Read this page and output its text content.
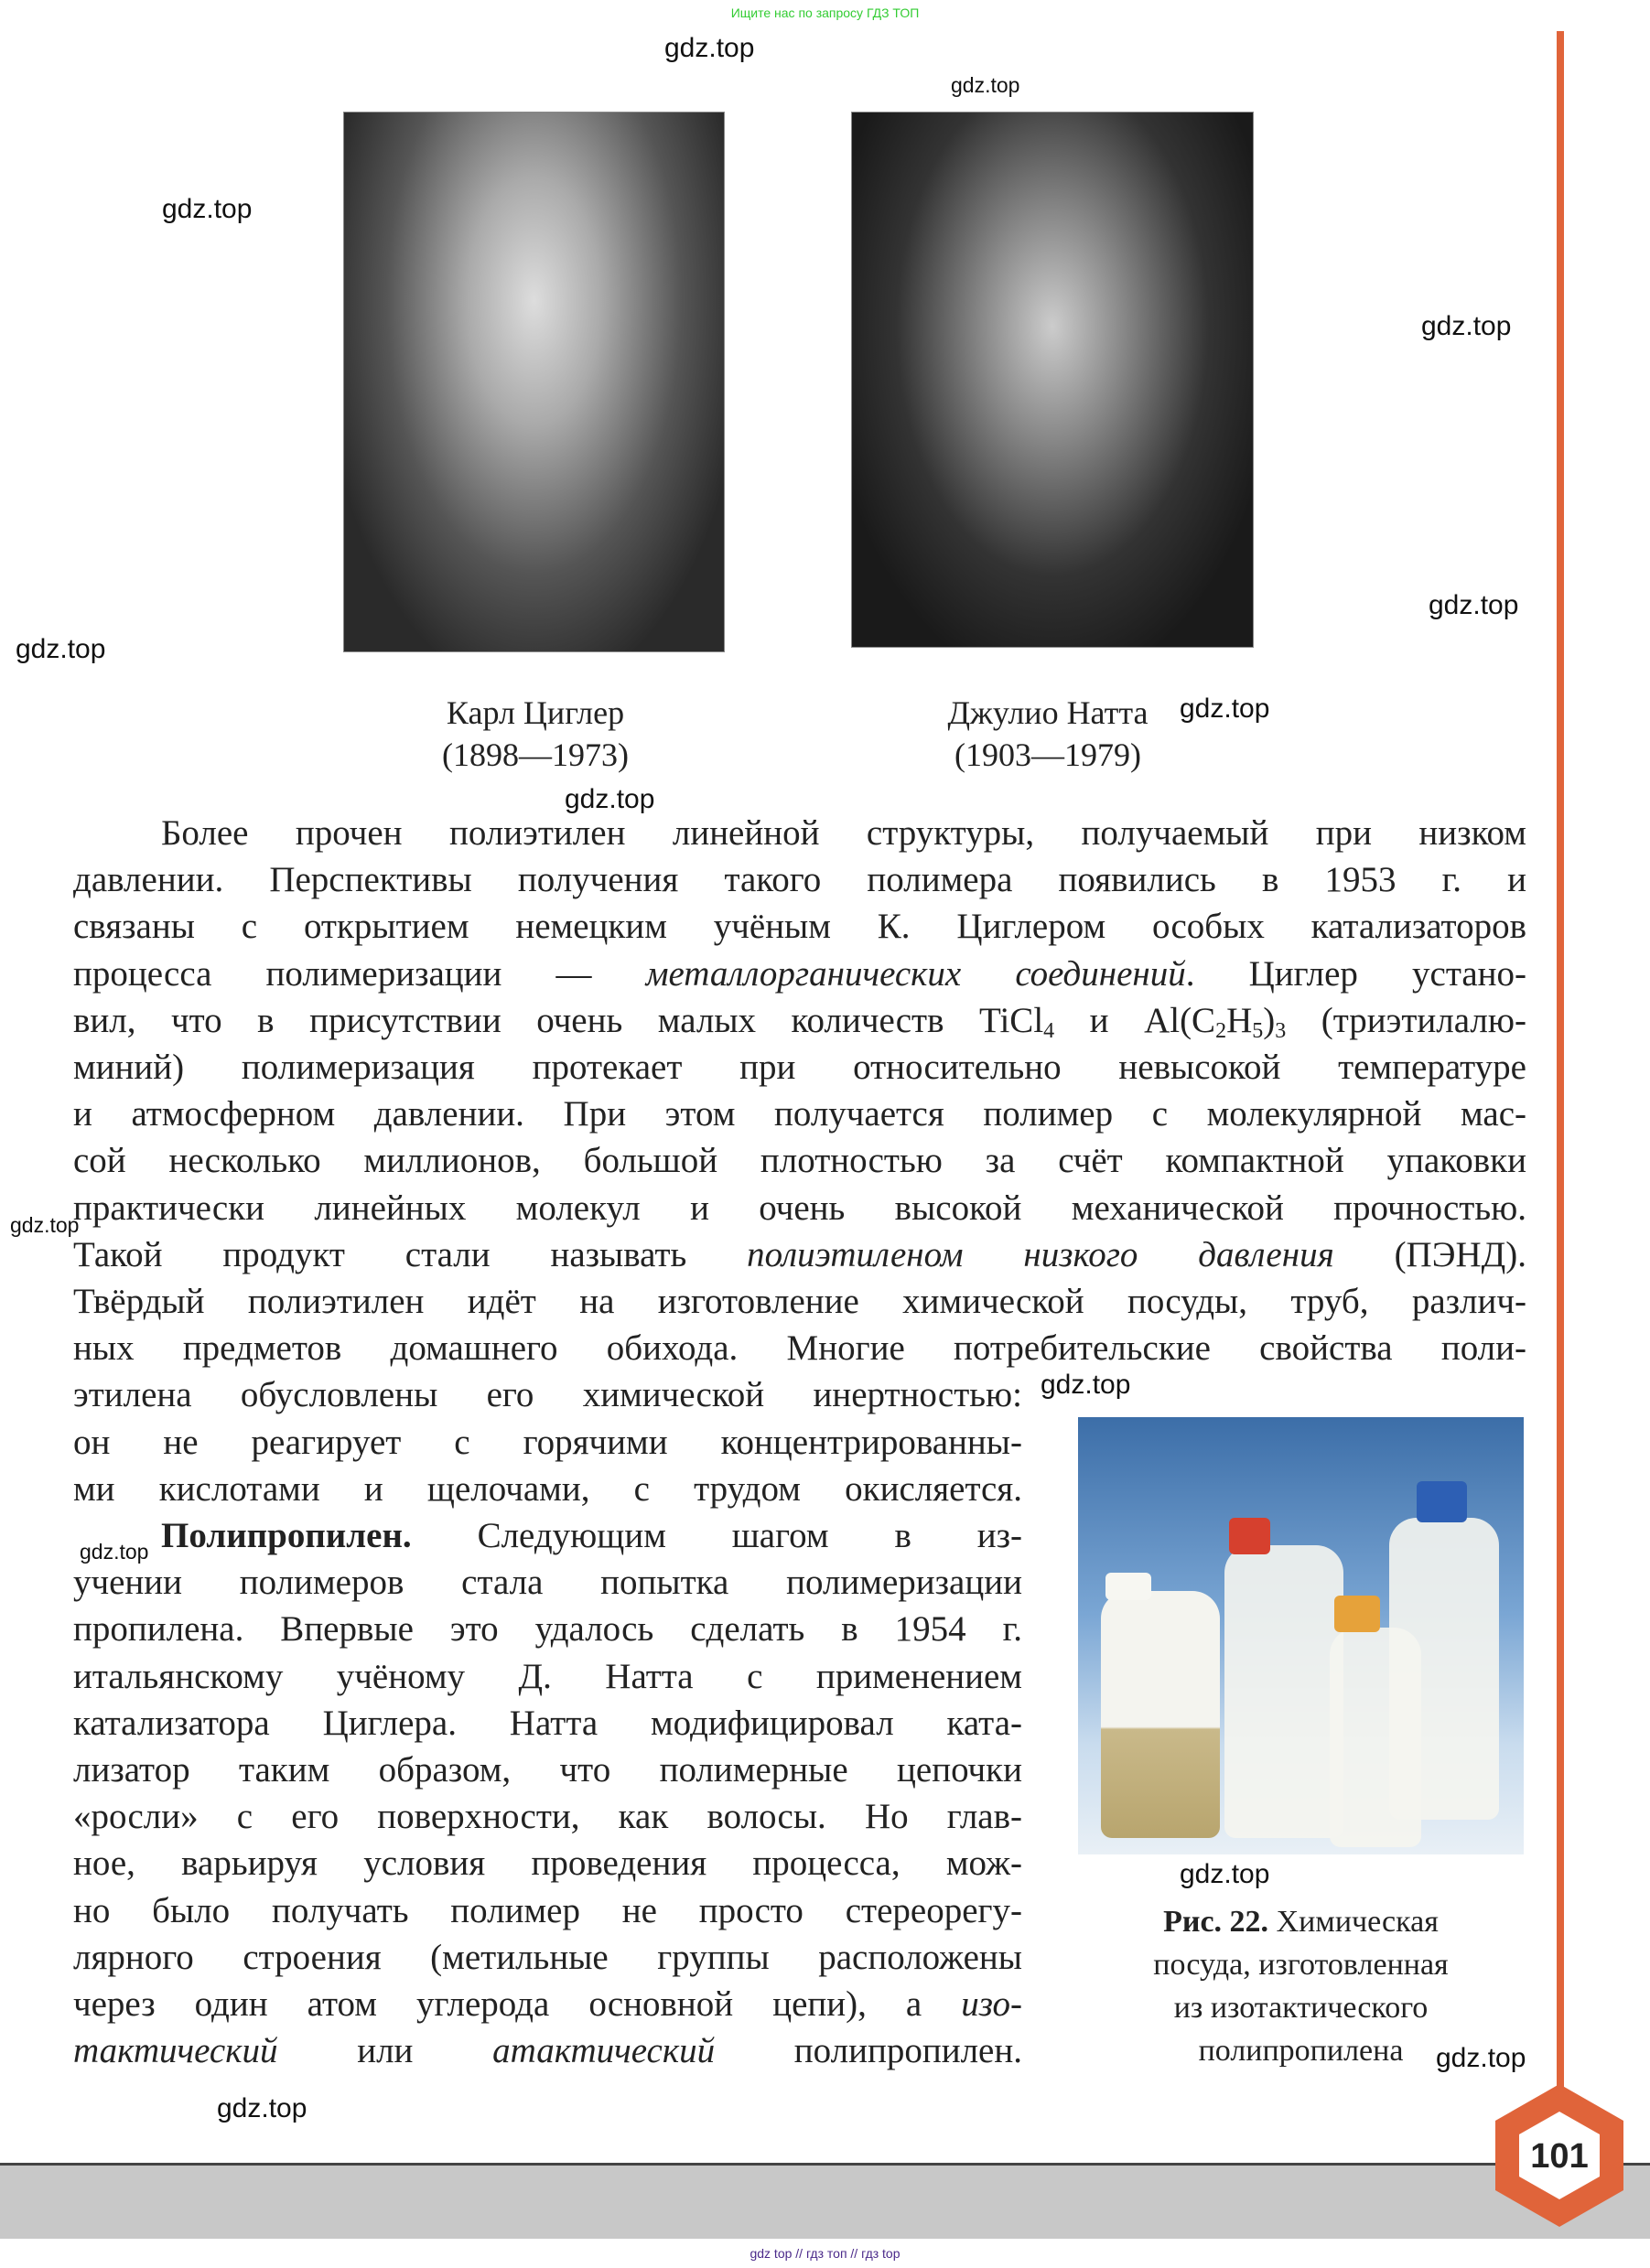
Ищите нас по запросу ГДЗ ТОП
Карл Циглер
(1898—1973)
Джулио Натта
(1903—1979)
Более прочен полиэтилен линейной структуры, получаемый при низком
давлении. Перспективы получения такого полимера появились в 1953 г. и
связаны с открытием немецким учёным К. Циглером особых катализаторов
процесса полимеризации — металлорганических соединений. Циглер устано-
вил, что в присутствии очень малых количеств TiCl$_4$ и $Al(C_2H_5)_3$ (триэтилалю-
миний) полимеризация протекает при относительно невысокой температуре
и атмосферном давлении. При этом получается полимер с молекулярной мас-
сой несколько миллионов, большой плотностью за счёт компактной упаковки
практически линейных молекул и очень высокой механической прочностью.
Такой продукт стали называть полиэтиленом низкого давления (ПЭНД).
Твёрдый полиэтилен идёт на изготовление химической посуды, труб, различ-
ных предметов домашнего обихода. Многие потребительские свойства поли-
этилена обусловлены его химической инертностью:
он не реагирует с горячими концентрированны-
ми кислотами и щелочами, с трудом окисляется.
Полипропилен. Следующим шагом в из-
учении полимеров стала попытка полимеризации
пропилена. Впервые это удалось сделать в 1954 г.
итальянскому учёному Д. Натта с применением
катализатора Циглера. Натта модифицировал ката-
лизатор таким образом, что полимерные цепочки
«росли» с его поверхности, как волосы. Но глав-
ное, варьируя условия проведения процесса, мож-
но было получать полимер не просто стереорегу-
лярного строения (метильные группы расположены
через один атом углерода основной цепи), а изо-
тактический или атактический полипропилен.
Рис. 22. Химическая
посуда, изготовленная
из изотактического
полипропилена
101
gdz.top
gdz.top
gdz.top
gdz.top
gdz.top
gdz.top
gdz.top
gdz.top
gdz.top
gdz.top
gdz.top
gdz.top
gdz.top
gdz.top
gdz top // гдз топ // гдз top
